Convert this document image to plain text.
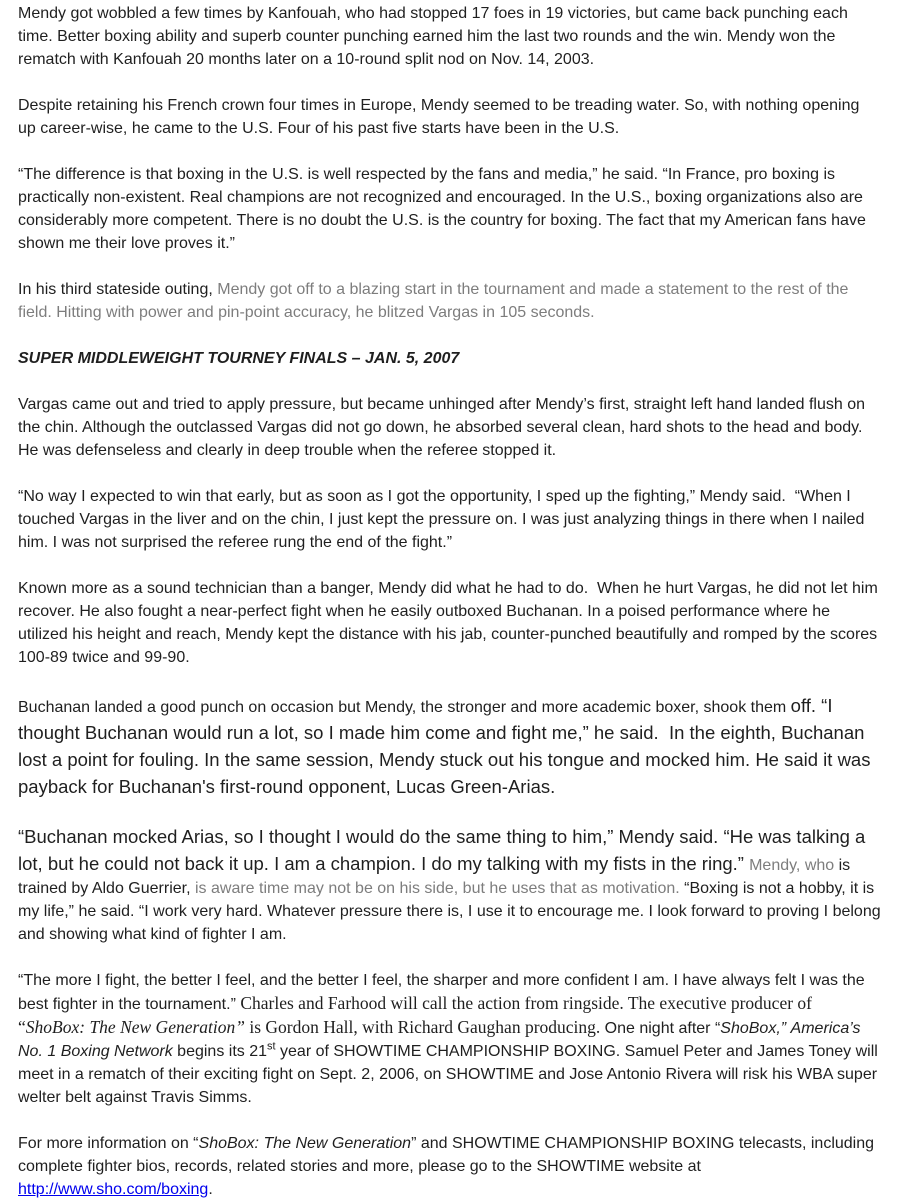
Mendy got wobbled a few times by Kanfouah, who had stopped 17 foes in 19 victories, but came back punching each time. Better boxing ability and superb counter punching earned him the last two rounds and the win. Mendy won the rematch with Kanfouah 20 months later on a 10-round split nod on Nov. 14, 2003.
Despite retaining his French crown four times in Europe, Mendy seemed to be treading water. So, with nothing opening up career-wise, he came to the U.S. Four of his past five starts have been in the U.S.
“The difference is that boxing in the U.S. is well respected by the fans and media,” he said. “In France, pro boxing is practically non-existent. Real champions are not recognized and encouraged. In the U.S., boxing organizations also are considerably more competent. There is no doubt the U.S. is the country for boxing. The fact that my American fans have shown me their love proves it.”
In his third stateside outing, Mendy got off to a blazing start in the tournament and made a statement to the rest of the field. Hitting with power and pin-point accuracy, he blitzed Vargas in 105 seconds.
SUPER MIDDLEWEIGHT TOURNEY FINALS – JAN. 5, 2007
Vargas came out and tried to apply pressure, but became unhinged after Mendy’s first, straight left hand landed flush on the chin. Although the outclassed Vargas did not go down, he absorbed several clean, hard shots to the head and body. He was defenseless and clearly in deep trouble when the referee stopped it.
“No way I expected to win that early, but as soon as I got the opportunity, I sped up the fighting,” Mendy said.  “When I touched Vargas in the liver and on the chin, I just kept the pressure on. I was just analyzing things in there when I nailed him. I was not surprised the referee rung the end of the fight.”
Known more as a sound technician than a banger, Mendy did what he had to do.  When he hurt Vargas, he did not let him recover. He also fought a near-perfect fight when he easily outboxed Buchanan. In a poised performance where he utilized his height and reach, Mendy kept the distance with his jab, counter-punched beautifully and romped by the scores 100-89 twice and 99-90.
Buchanan landed a good punch on occasion but Mendy, the stronger and more academic boxer, shook them off. “I thought Buchanan would run a lot, so I made him come and fight me,” he said.  In the eighth, Buchanan lost a point for fouling. In the same session, Mendy stuck out his tongue and mocked him. He said it was payback for Buchanan's first-round opponent, Lucas Green-Arias.
“Buchanan mocked Arias, so I thought I would do the same thing to him,” Mendy said. “He was talking a lot, but he could not back it up. I am a champion. I do my talking with my fists in the ring.” Mendy, who is trained by Aldo Guerrier, is aware time may not be on his side, but he uses that as motivation. “Boxing is not a hobby, it is my life,” he said. “I work very hard. Whatever pressure there is, I use it to encourage me. I look forward to proving I belong and showing what kind of fighter I am.
“The more I fight, the better I feel, and the better I feel, the sharper and more confident I am. I have always felt I was the best fighter in the tournament.” Charles and Farhood will call the action from ringside. The executive producer of “ShoBox: The New Generation” is Gordon Hall, with Richard Gaughan producing. One night after “ShoBox,” America’s No. 1 Boxing Network begins its 21st year of SHOWTIME CHAMPIONSHIP BOXING. Samuel Peter and James Toney will meet in a rematch of their exciting fight on Sept. 2, 2006, on SHOWTIME and Jose Antonio Rivera will risk his WBA super welter belt against Travis Simms.
For more information on “ShoBox: The New Generation” and SHOWTIME CHAMPIONSHIP BOXING telecasts, including complete fighter bios, records, related stories and more, please go to the SHOWTIME website at http://www.sho.com/boxing.
